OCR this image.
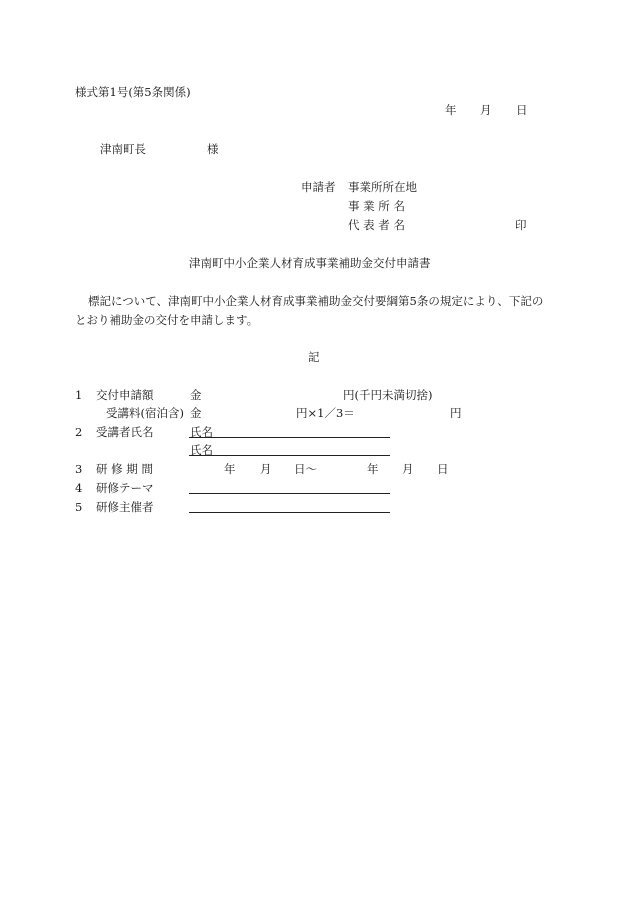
様式第1号(第5条関係)
年 月 日
津南町長	様
申請者 事業所所在地
事 業 所 名
代 表 者 名	印
津南町中小企業人材育成事業補助金交付申請書
標記について、津南町中小企業人材育成事業補助金交付要綱第5条の規定により、下記の
とおり補助金の交付を申請します。
記
1 交付申請額	金	円(千円未満切捨)
受講料(宿泊含) 金	円×1／3＝	円
2 受講者氏名	氏名
氏名
3 研 修 期 間	年 月 日～	年 月 日
4 研修テーマ
5 研修主催者
